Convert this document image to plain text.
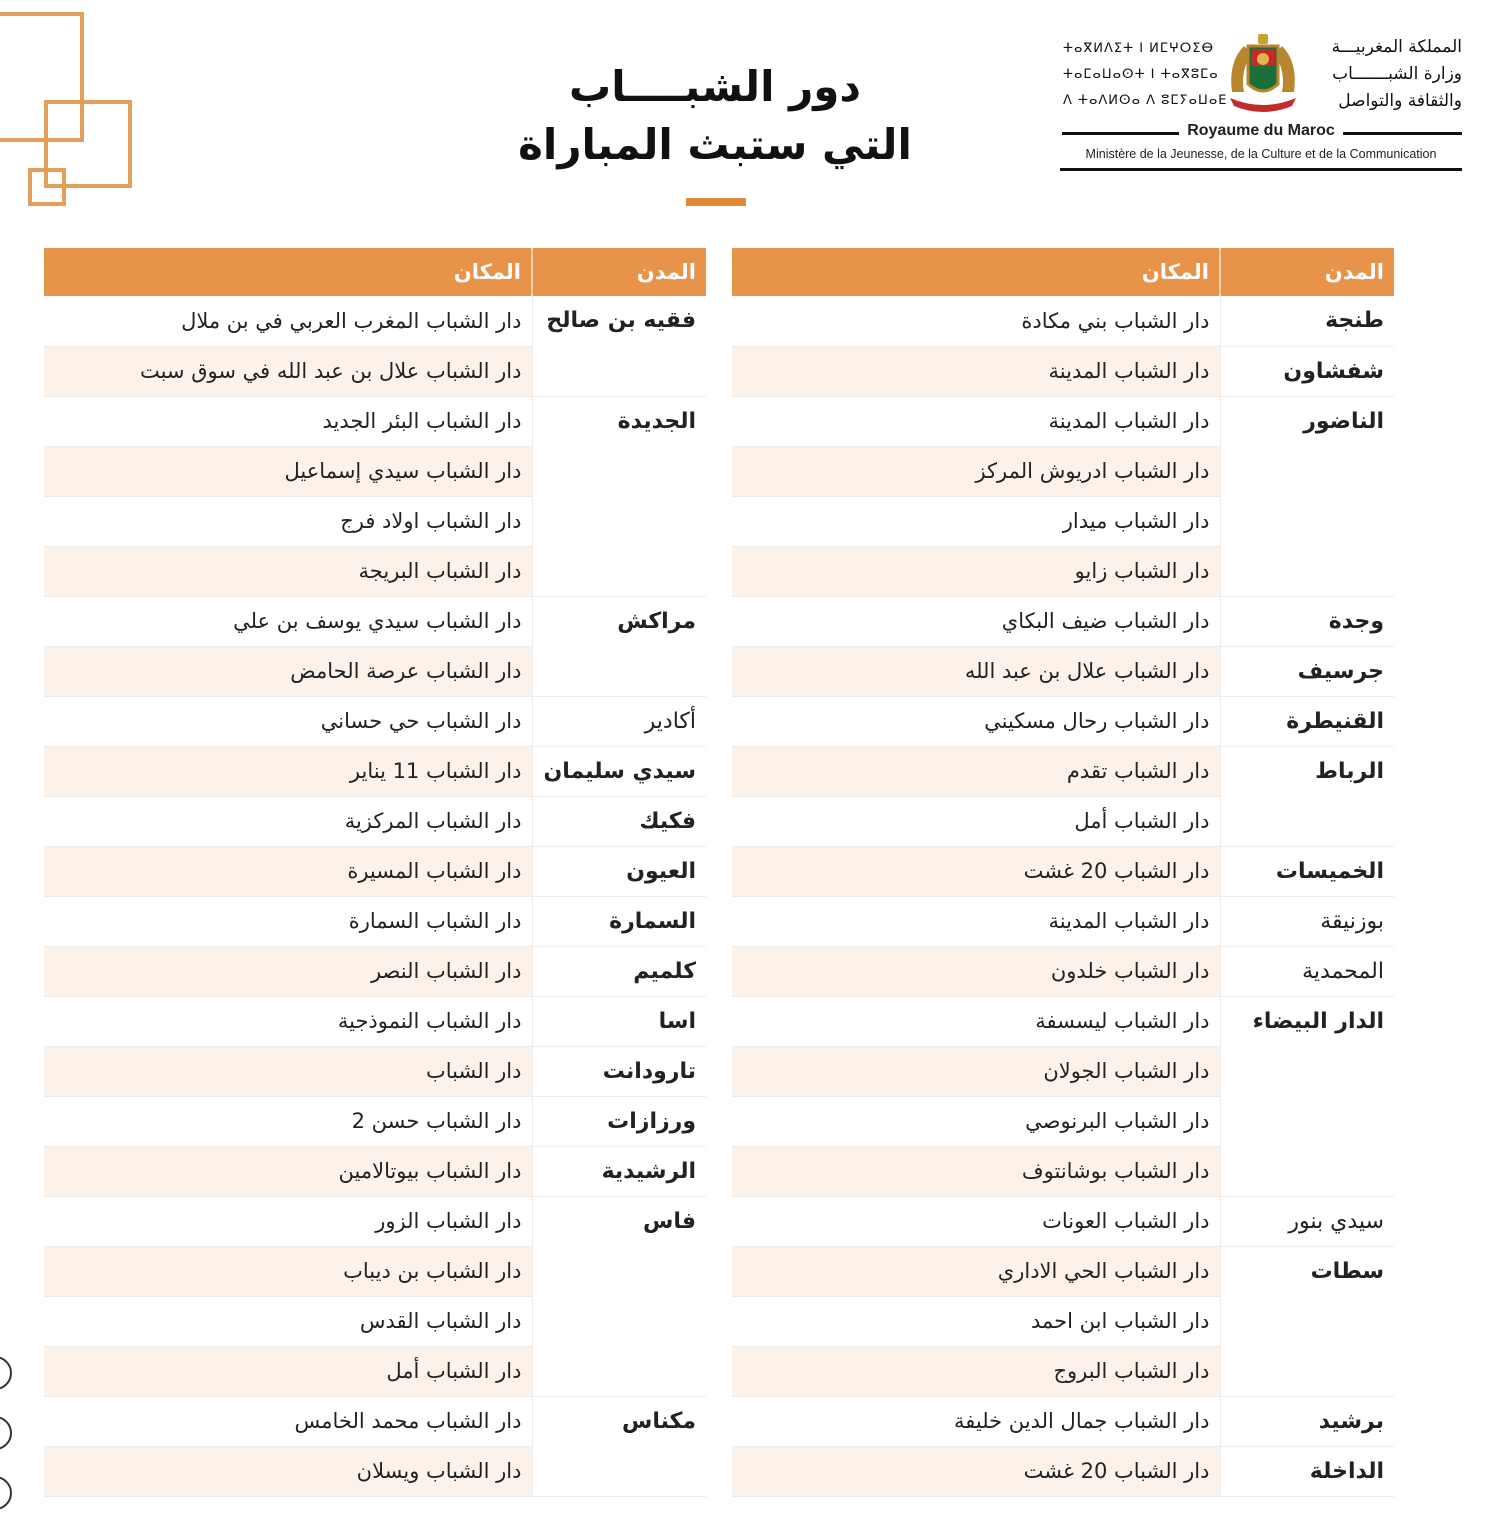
دور الشبــــاب
التي ستبث المباراة
ⵜⴰⴳⵍⴷⵉⵜ ⵏ ⵍⵎⵖⵔⵉⴱ
ⵜⴰⵎⴰⵡⴰⵙⵜ ⵏ ⵜⴰⴳⵓⵎⴰ
ⴷ ⵜⴰⴷⵍⵙⴰ ⴷ ⵓⵎⵢⴰⵡⴰⴹ
المملكة المغربيـــة
وزارة الشبـــــــاب
والثقافة والتواصل
Royaume du Maroc
Ministère de la Jeunesse, de la Culture et de la Communication
المدن	المكان
طنجة	دار الشباب بني مكادة
شفشاون	دار الشباب المدينة
الناضور	دار الشباب المدينة
	دار الشباب ادريوش المركز
	دار الشباب ميدار
	دار الشباب زايو
وجدة	دار الشباب ضيف البكاي
جرسيف	دار الشباب علال بن عبد الله
القنيطرة	دار الشباب رحال مسكيني
الرباط	دار الشباب تقدم
	دار الشباب أمل
الخميسات	دار الشباب 20 غشت
بوزنيقة	دار الشباب المدينة
المحمدية	دار الشباب خلدون
الدار البيضاء	دار الشباب ليسسفة
	دار الشباب الجولان
	دار الشباب البرنوصي
	دار الشباب بوشانتوف
سيدي بنور	دار الشباب العونات
سطات	دار الشباب الحي الاداري
	دار الشباب ابن احمد
	دار الشباب البروج
برشيد	دار الشباب جمال الدين خليفة
الداخلة	دار الشباب 20 غشت
المدن	المكان
فقيه بن صالح	دار الشباب المغرب العربي في بن ملال
	دار الشباب علال بن عبد الله في سوق سبت
الجديدة	دار الشباب البئر الجديد
	دار الشباب سيدي إسماعيل
	دار الشباب اولاد فرج
	دار الشباب البريجة
مراكش	دار الشباب سيدي يوسف بن علي
	دار الشباب عرصة الحامض
أكادير	دار الشباب حي حساني
سيدي سليمان	دار الشباب 11 يناير
فكيك	دار الشباب المركزية
العيون	دار الشباب المسيرة
السمارة	دار الشباب السمارة
كلميم	دار الشباب النصر
اسا	دار الشباب النموذجية
تارودانت	دار الشباب
ورزازات	دار الشباب حسن 2
الرشيدية	دار الشباب بيوتالامين
فاس	دار الشباب الزور
	دار الشباب بن ديباب
	دار الشباب القدس
	دار الشباب أمل
مكناس	دار الشباب محمد الخامس
	دار الشباب ويسلان
